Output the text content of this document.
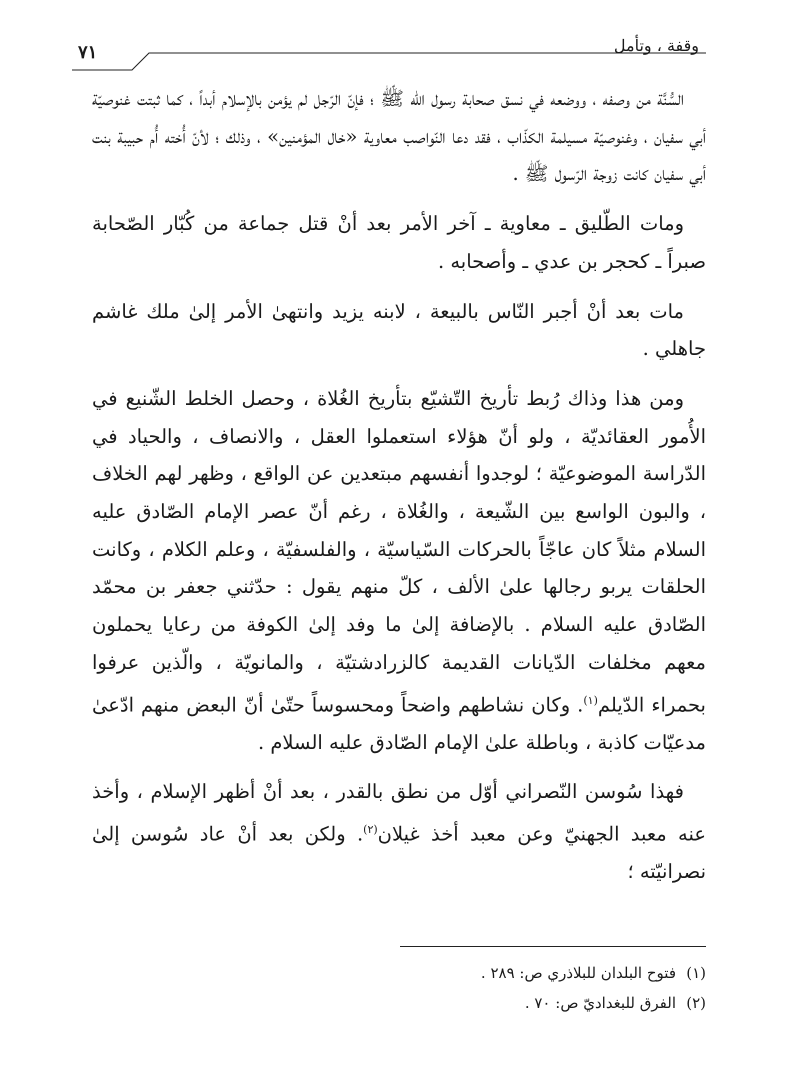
وقفة ، وتأمل
٧١

السُّنَّة من وصفه ، ووضعه في نسق صحابة رسول الله ﷺ ؛ فإنّ الرّجل لم يؤمن بالإسلام أبداً ، كما ثبتت غنوصيّة أبي سفيان ، وغنوصيّة مسيلمة الكذّاب ، فقد دعا النّواصب معاوية «خال المؤمنين» ، وذلك ؛ لأنّ أُخته أُم حبيبة بنت أبي سفيان كانت زوجة الرّسول ﷺ .

ومات الطّليق ـ معاوية ـ آخر الأمر بعد أنْ قتل جماعة من كُبّار الصّحابة صبراً ـ كحجر بن عدي ـ وأصحابه .

مات بعد أنْ أجبر النّاس بالبيعة ، لابنه يزيد وانتهىٰ الأمر إلىٰ ملك غاشم جاهلي .

ومن هذا وذاك رُبط تأريخ التّشيّع بتأريخ الغُلاة ، وحصل الخلط الشّنيع في الأُمور العقائديّة ، ولو أنّ هؤلاء استعملوا العقل ، والانصاف ، والحياد في الدّراسة الموضوعيّة ؛ لوجدوا أنفسهم مبتعدين عن الواقع ، وظهر لهم الخلاف ، والبون الواسع بين الشّيعة ، والغُلاة ، رغم أنّ عصر الإمام الصّادق عليه السلام مثلاً كان عاجّاً بالحركات السّياسيّة ، والفلسفيّة ، وعلم الكلام ، وكانت الحلقات يربو رجالها علىٰ الألف ، كلّ منهم يقول : حدّثني جعفر بن محمّد الصّادق عليه السلام . بالإضافة إلىٰ ما وفد إلىٰ الكوفة من رعايا يحملون معهم مخلفات الدّيانات القديمة كالزرادشتيّة ، والمانويّة ، والّذين عرفوا بحمراء الدّيلم$^{(١)}$. وكان نشاطهم واضحاً ومحسوساً حتّىٰ أنّ البعض منهم ادّعىٰ مدعيّات كاذبة ، وباطلة علىٰ الإمام الصّادق عليه السلام .

فهذا سُوسن النّصراني أوّل من نطق بالقدر ، بعد أنْ أظهر الإسلام ، وأخذ عنه معبد الجهنيّ وعن معبد أخذ غيلان$^{(٢)}$. ولكن بعد أنْ عاد سُوسن إلىٰ نصرانيّته ؛

(١)
فتوح البلدان للبلاذري ص: ٢٨٩ .
(٢)
الفرق للبغداديّ ص: ٧٠ .
